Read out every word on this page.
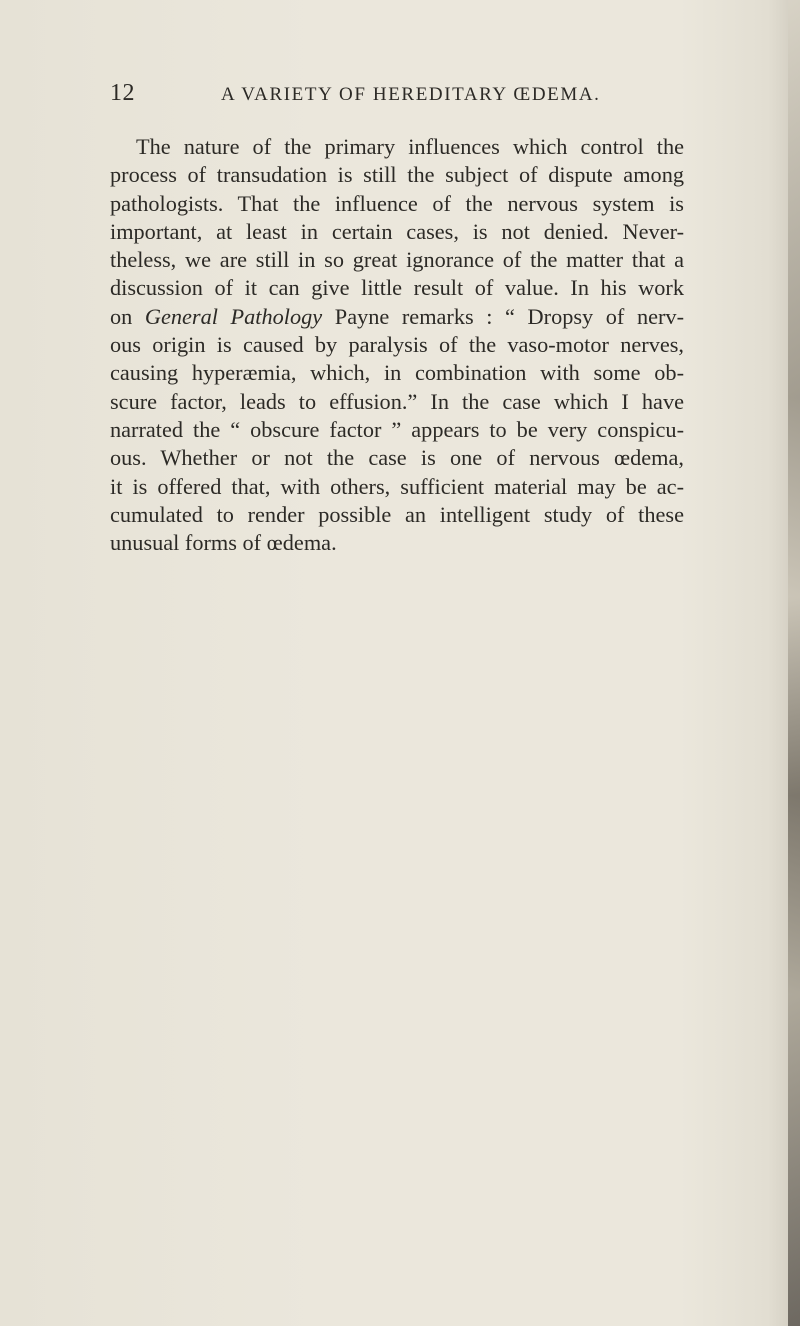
12	A VARIETY OF HEREDITARY ŒDEMA.
The nature of the primary influences which control the
process of transudation is still the subject of dispute among
pathologists. That the influence of the nervous system is
important, at least in certain cases, is not denied. Never-
theless, we are still in so great ignorance of the matter that a
discussion of it can give little result of value. In his work
on General Pathology Payne remarks : “ Dropsy of nerv-
ous origin is caused by paralysis of the vaso-motor nerves,
causing hyperæmia, which, in combination with some ob-
scure factor, leads to effusion.” In the case which I have
narrated the “ obscure factor ” appears to be very conspicu-
ous. Whether or not the case is one of nervous œdema,
it is offered that, with others, sufficient material may be ac-
cumulated to render possible an intelligent study of these
unusual forms of œdema.
